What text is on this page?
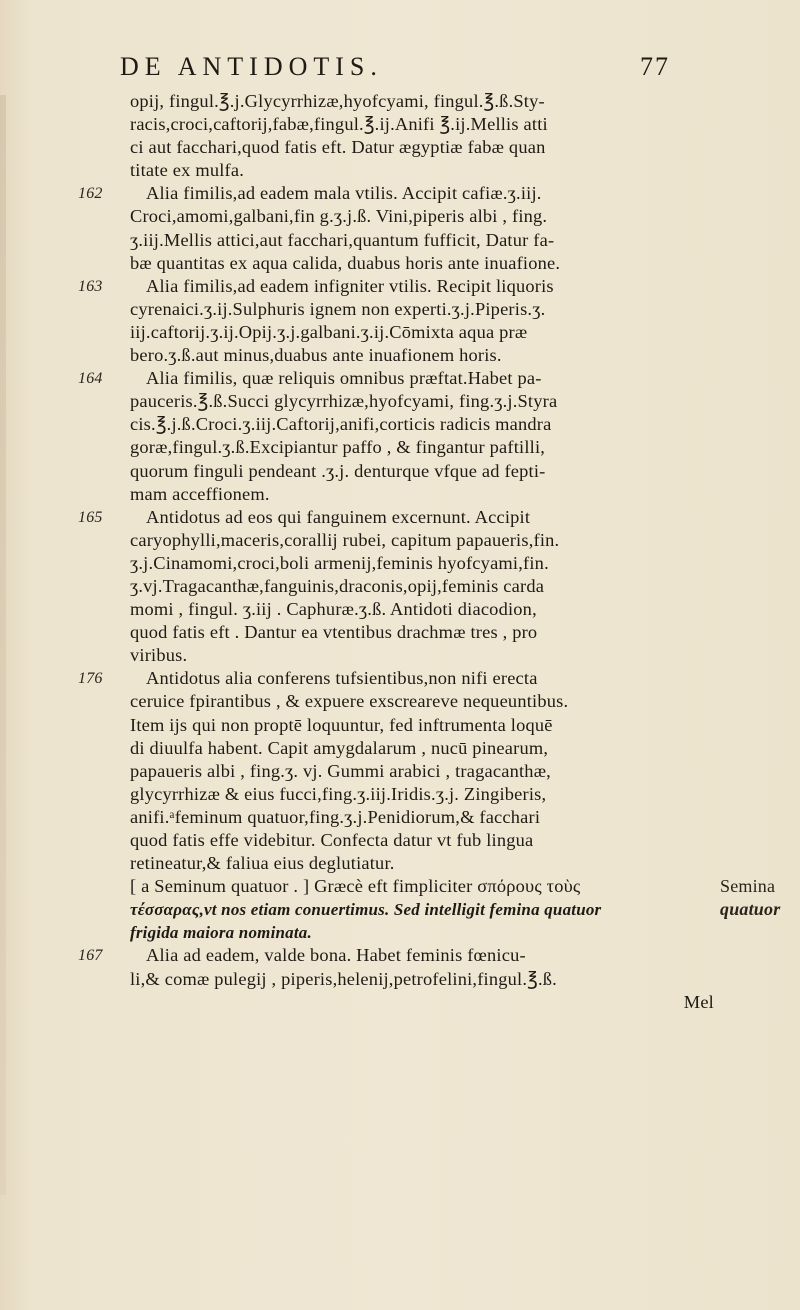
DE ANTIDOTIS.	77
opij, fingul.℥.j.Glycyrrhizæ,hyofcyami, fingul.℥.ß.Sty-
racis,croci,caftorij,fabæ,fingul.℥.ij.Anifi ℥.ij.Mellis atti
ci aut facchari,quod fatis eft. Datur ægyptiæ fabæ quan
titate ex mulfa.
162 Alia fimilis,ad eadem mala vtilis. Accipit cafiæ.ʒ.iij.
Croci,amomi,galbani,fin g.ʒ.j.ß. Vini,piperis albi , fing.
ʒ.iij.Mellis attici,aut facchari,quantum fufficit, Datur fa-
bæ quantitas ex aqua calida, duabus horis ante inuafione.
163 Alia fimilis,ad eadem infigniter vtilis. Recipit liquoris
cyrenaici.ʒ.ij.Sulphuris ignem non experti.ʒ.j.Piperis.ʒ.
iij.caftorij.ʒ.ij.Opij.ʒ.j.galbani.ʒ.ij.Cōmixta aqua præ
bero.ʒ.ß.aut minus,duabus ante inuafionem horis.
164 Alia fimilis, quæ reliquis omnibus præftat.Habet pa-
pauceris.℥.ß.Succi glycyrrhizæ,hyofcyami, fing.ʒ.j.Styra
cis.℥.j.ß.Croci.ʒ.iij.Caftorij,anifi,corticis radicis mandra
goræ,fingul.ʒ.ß.Excipiantur paffo , & fingantur paftilli,
quorum finguli pendeant .ʒ.j. denturque vfque ad fepti-
mam acceffionem.
165 Antidotus ad eos qui fanguinem excernunt. Accipit
caryophylli,maceris,corallij rubei, capitum papaueris,fin.
ʒ.j.Cinamomi,croci,boli armenij,feminis hyofcyami,fin.
ʒ.vj.Tragacanthæ,fanguinis,draconis,opij,feminis carda
momi , fingul. ʒ.iij . Caphuræ.ʒ.ß. Antidoti diacodion,
quod fatis eft . Dantur ea vtentibus drachmæ tres , pro
viribus.
176 Antidotus alia conferens tufsientibus,non nifi erecta
ceruice fpirantibus , & expuere exscreareve nequeuntibus.
Item ijs qui non proptē loquuntur, fed inftrumenta loquē
di diuulfa habent. Capit amygdalarum , nucū pinearum,
papaueris albi , fing.ʒ. vj. Gummi arabici , tragacanthæ,
glycyrrhizæ & eius fucci,fing.ʒ.iij.Iridis.ʒ.j. Zingiberis,
anifi.ᵃfeminum quatuor,fing.ʒ.j.Penidiorum,& facchari
quod fatis effe videbitur. Confecta datur vt fub lingua
retineatur,& faliua eius deglutiatur.
[ a Seminum quatuor . ] Græcè eft fimpliciter σπόρους τοὺς	Semina
τέσσαρας,vt nos etiam conuertimus. Sed intelligit femina quatuor	quatuor
frigida maiora nominata.
167 Alia ad eadem, valde bona. Habet feminis fœnicu-
li,& comæ pulegij , piperis,helenij,petrofelini,fingul.℥.ß.
Mel
